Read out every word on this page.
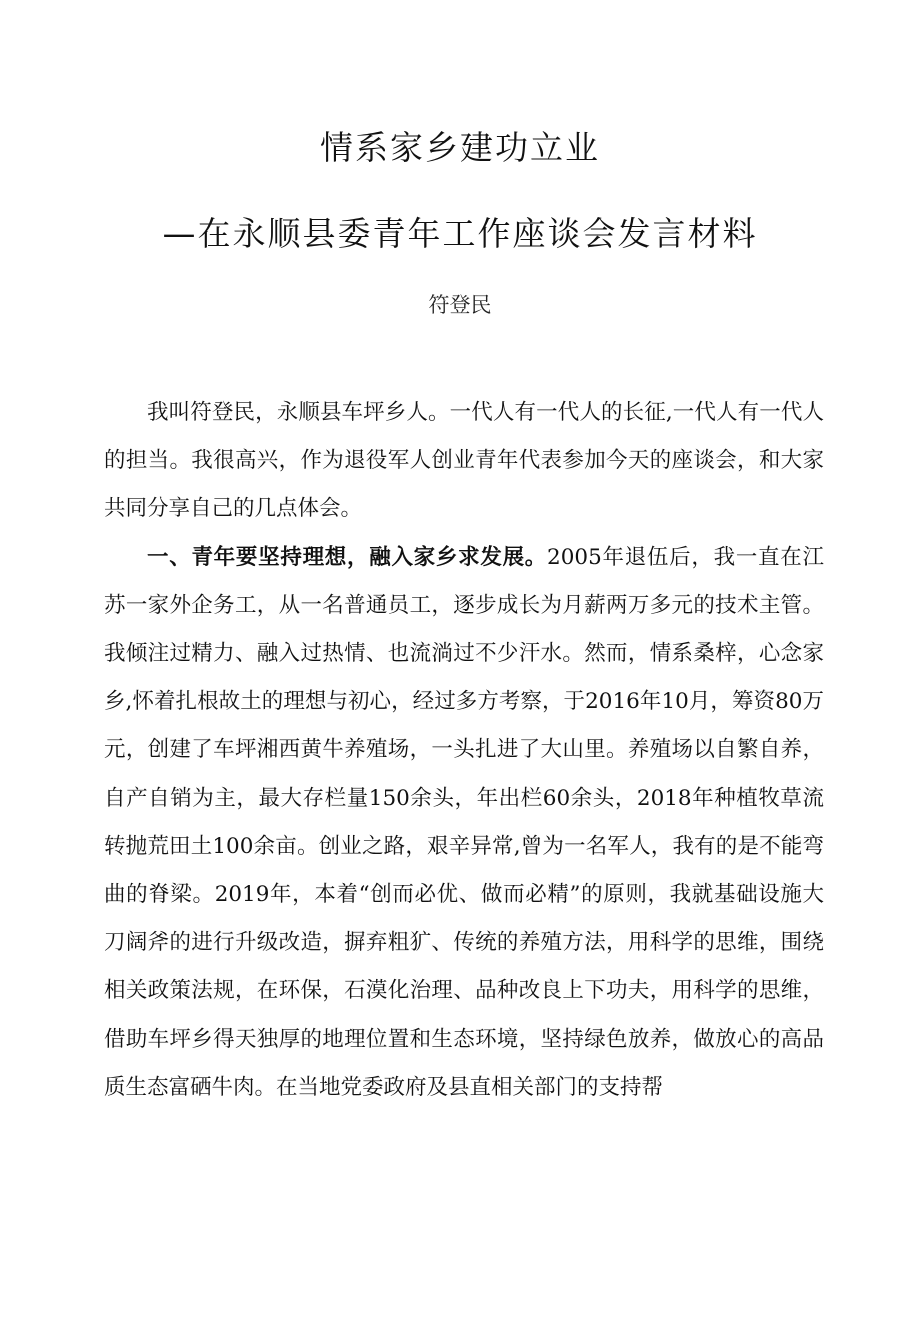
情系家乡建功立业
—在永顺县委青年工作座谈会发言材料
符登民

我叫符登民，永顺县车坪乡人。一代人有一代人的长征,一代人有一代人的担当。我很高兴，作为退役军人创业青年代表参加今天的座谈会，和大家共同分享自己的几点体会。

一、青年要坚持理想，融入家乡求发展。2005年退伍后，我一直在江苏一家外企务工，从一名普通员工，逐步成长为月薪两万多元的技术主管。我倾注过精力、融入过热情、也流淌过不少汗水。然而，情系桑梓，心念家乡,怀着扎根故土的理想与初心，经过多方考察，于2016年10月，筹资80万元，创建了车坪湘西黄牛养殖场，一头扎进了大山里。养殖场以自繁自养，自产自销为主，最大存栏量150余头，年出栏60余头，2018年种植牧草流转抛荒田土100余亩。创业之路，艰辛异常,曾为一名军人，我有的是不能弯曲的脊梁。2019年，本着“创而必优、做而必精”的原则，我就基础设施大刀阔斧的进行升级改造，摒弃粗犷、传统的养殖方法，用科学的思维，围绕相关政策法规，在环保，石漠化治理、品种改良上下功夫，用科学的思维，借助车坪乡得天独厚的地理位置和生态环境，坚持绿色放养，做放心的高品质生态富硒牛肉。在当地党委政府及县直相关部门的支持帮
